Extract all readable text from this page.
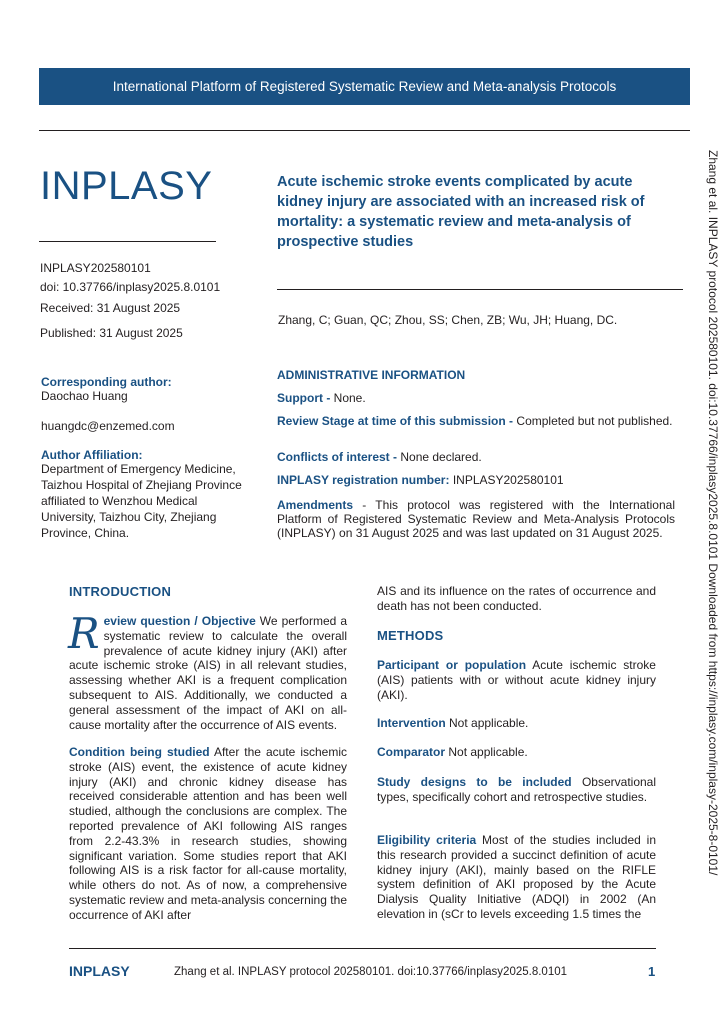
International Platform of Registered Systematic Review and Meta-analysis Protocols
INPLASY
INPLASY202580101
doi: 10.37766/inplasy2025.8.0101
Received: 31 August 2025
Published: 31 August 2025
Acute ischemic stroke events complicated by acute kidney injury are associated with an increased risk of mortality: a systematic review and meta-analysis of prospective studies
Zhang, C; Guan, QC; Zhou, SS; Chen, ZB; Wu, JH; Huang, DC.
Corresponding author:
Daochao Huang
huangdc@enzemed.com
Author Affiliation:
Department of Emergency Medicine, Taizhou Hospital of Zhejiang Province affiliated to Wenzhou Medical University, Taizhou City, Zhejiang Province, China.
ADMINISTRATIVE INFORMATION
Support - None.
Review Stage at time of this submission - Completed but not published.
Conflicts of interest - None declared.
INPLASY registration number: INPLASY202580101
Amendments - This protocol was registered with the International Platform of Registered Systematic Review and Meta-Analysis Protocols (INPLASY) on 31 August 2025 and was last updated on 31 August 2025.	Zhang et al. INPLASY protocol 202580101. doi:10.37766/inplasy2025.8.0101 Downloaded from https://inplasy.com/inplasy-2025-8-0101/
INTRODUCTION
Review question / Objective We performed a systematic review to calculate the overall prevalence of acute kidney injury (AKI) after acute ischemic stroke (AIS) in all relevant studies, assessing whether AKI is a frequent complication subsequent to AIS. Additionally, we conducted a general assessment of the impact of AKI on all-cause mortality after the occurrence of AIS events.
Condition being studied After the acute ischemic stroke (AIS) event, the existence of acute kidney injury (AKI) and chronic kidney disease has received considerable attention and has been well studied, although the conclusions are complex. The reported prevalence of AKI following AIS ranges from 2.2-43.3% in research studies, showing significant variation. Some studies report that AKI following AIS is a risk factor for all-cause mortality, while others do not. As of now, a comprehensive systematic review and meta-analysis concerning the occurrence of AKI after
AIS and its influence on the rates of occurrence and death has not been conducted.
METHODS
Participant or population Acute ischemic stroke (AIS) patients with or without acute kidney injury (AKI).
Intervention Not applicable.
Comparator Not applicable.
Study designs to be included Observational types, specifically cohort and retrospective studies.
Eligibility criteria Most of the studies included in this research provided a succinct definition of acute kidney injury (AKI), mainly based on the RIFLE system definition of AKI proposed by the Acute Dialysis Quality Initiative (ADQI) in 2002 (An elevation in (sCr to levels exceeding 1.5 times the
INPLASY	Zhang et al. INPLASY protocol 202580101. doi:10.37766/inplasy2025.8.0101	1
